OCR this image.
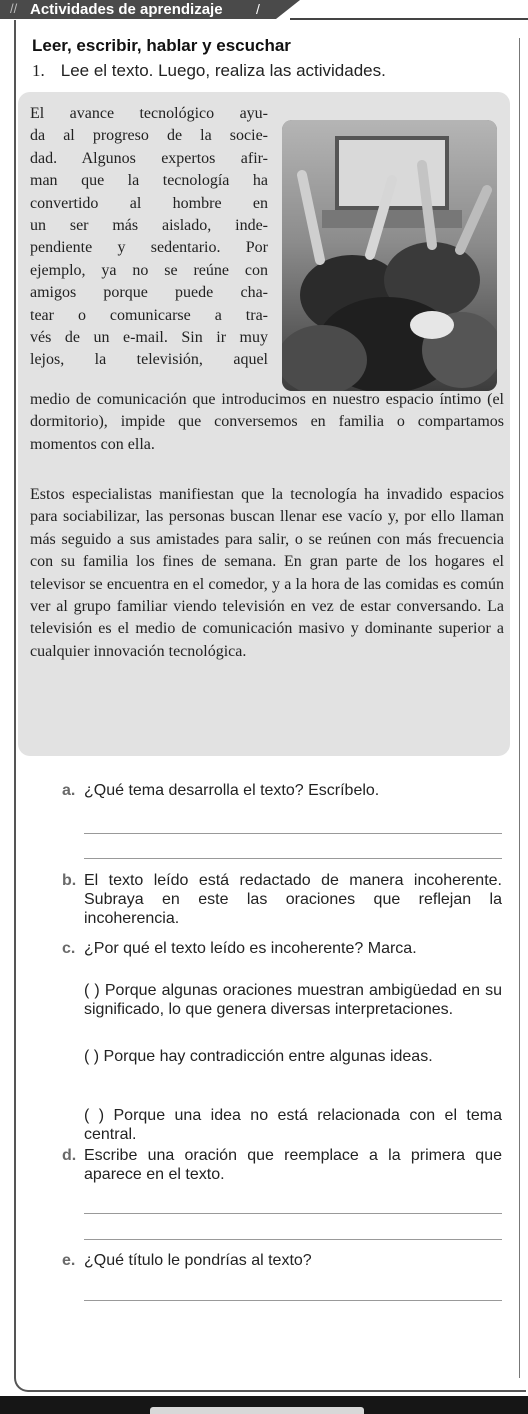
// Actividades de aprendizaje /
Leer, escribir, hablar y escuchar
1. Lee el texto. Luego, realiza las actividades.
El avance tecnológico ayu-
da al progreso de la socie-
dad. Algunos expertos afir-
man que la tecnología ha
convertido al hombre en
un ser más aislado, inde-
pendiente y sedentario. Por
ejemplo, ya no se reúne con
amigos porque puede cha-
tear o comunicarse a tra-
vés de un e-mail. Sin ir muy
lejos, la televisión, aquel
medio de comunicación que introducimos en nuestro espacio íntimo (el dormitorio), impide que conversemos en familia o compartamos momentos con ella.
Estos especialistas manifiestan que la tecnología ha invadido espacios para sociabilizar, las personas buscan llenar ese vacío y, por ello llaman más seguido a sus amistades para salir, o se reúnen con más frecuencia con su familia los fines de semana. En gran parte de los hogares el televisor se encuentra en el comedor, y a la hora de las comidas es común ver al grupo familiar viendo televisión en vez de estar conversando. La televisión es el medio de comunicación masivo y dominante superior a cualquier innovación tecnológica.
a. ¿Qué tema desarrolla el texto? Escríbelo.
b. El texto leído está redactado de manera incoherente. Subraya en este las oraciones que reflejan la incoherencia.
c. ¿Por qué el texto leído es incoherente? Marca.
( ) Porque algunas oraciones muestran ambigüedad en su significado, lo que genera diversas interpretaciones.
( ) Porque hay contradicción entre algunas ideas.
( ) Porque una idea no está relacionada con el tema central.
d. Escribe una oración que reemplace a la primera que aparece en el texto.
e. ¿Qué título le pondrías al texto?
